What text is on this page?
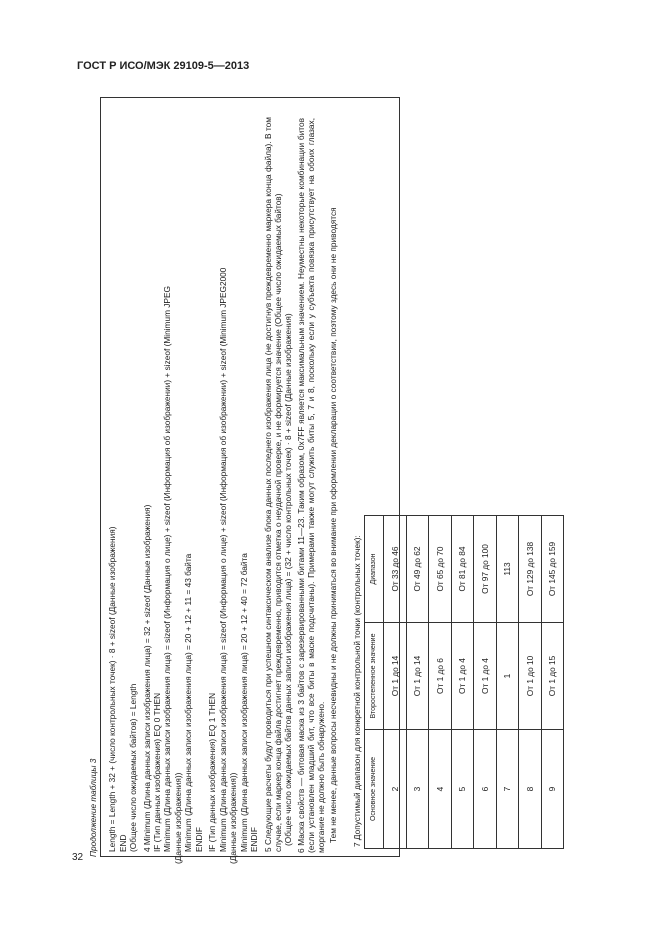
ГОСТ Р ИСО/МЭК 29109-5—2013
32
Продолжение таблицы 3 Length = Length + 32 + (число контрольных точек) · 8 + sizeof (Данные изображения) END (Общее число ожидаемых байтов) = Length 4 Minimum (Длина данных записи изображения лица) = 32 + sizeof (Данные изображения) IF (Тип данных изображения) EQ 0 THEN Minimum (Длина данных записи изображения лица) = sizeof (Информация о лице) + sizeof (Информация об изображении) + sizeof (Minimum JPEG (Данные изображения)) Minimum (Длина данных записи изображения лица) = 20 + 12 + 11 = 43 байта ENDIF IF (Тип данных изображения) EQ 1 THEN Minimum (Длина данных записи изображения лица) = sizeof (Информация о лице) + sizeof (Информация об изображении) + sizeof (Minimum JPEG2000 (Данные изображения)) Minimum (Длина данных записи изображения лица) = 20 + 12 + 40 = 72 байта ENDIF 5 Следующие расчеты будут проводиться при успешном синтаксическом анализе блока данных последнего изображения лица (не достигнув преждевременно маркера конца файла). В том случае, если маркер конца файла достигнет преждевременно, приводится отметка о неудачной проверке, и не формируется значение (Общее число ожидаемых байтов) (Общее число ожидаемых байтов данных записи изображения лица) = (32 + число контрольных точек) · 8 + sizeof (Данные изображения) 6 Маска свойств — битовая маска из 3 байтов с зарезервированными битами 11—23. Таким образом, 0x7FF является максимальным значением. Неуместны некоторые комбинации битов (если установлен младший бит, что все биты в маске подсчитаны). Примерами также могут служить биты 5, 7 и 8, поскольку если у субъекта повязка присутствует на обоих глазах, моргание не должно быть обнаружено. Тем не менее, данные вопросы несчевидны и не должны приниматься во внимание при оформлении декларации о соответствии, поэтому здесь они не приводятся 7 Допустимый диапазон для конкретной контрольной точки (контрольных точек): Основное значение	Второстепенное значение	Диапазон
2	От 1 до 14	От 33 до 46
3	От 1 до 14	От 49 до 62
4	От 1 до 6	От 65 до 70
5	От 1 до 4	От 81 до 84
6	От 1 до 4	От 97 до 100
7	1	113
8	От 1 до 10	От 129 до 138
9	От 1 до 15	От 145 до 159
